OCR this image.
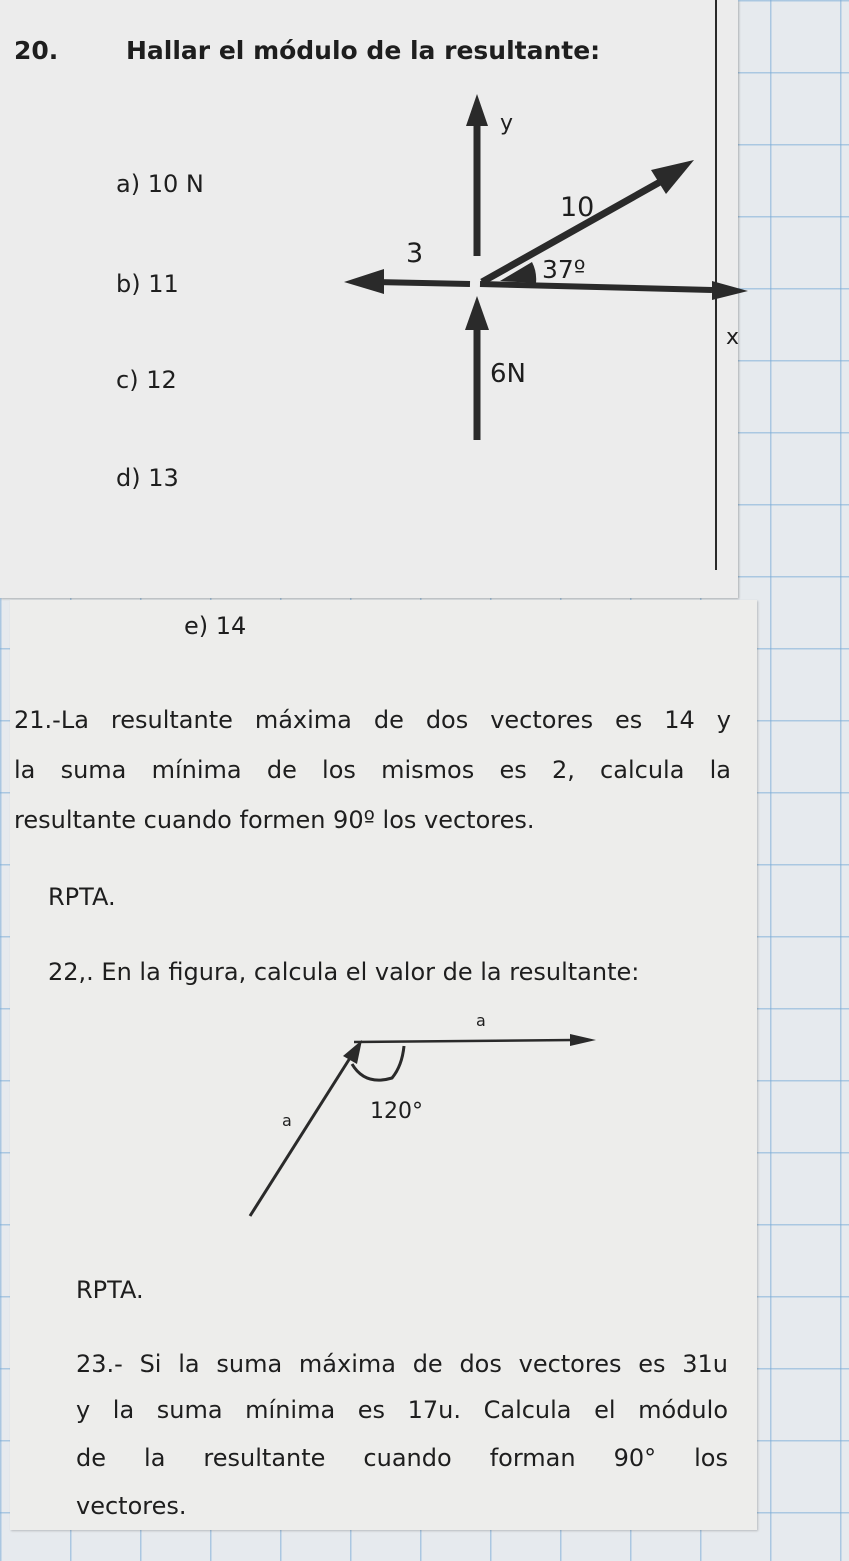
20.	Hallar el módulo de la resultante:
a) 10 N
b) 11
c) 12
d) 13
e) 14
y
10
3
37º
x
6N
21.-La resultante máxima de dos vectores es 14 y
la suma mínima de los mismos es 2, calcula la
resultante cuando formen 90º los vectores.
RPTA.
22,. En la figura, calcula el valor de la resultante:
a
a	120°
RPTA.
23.- Si la suma máxima de dos vectores es 31u
y la suma mínima es 17u. Calcula el módulo
de la resultante cuando forman 90° los
vectores.
